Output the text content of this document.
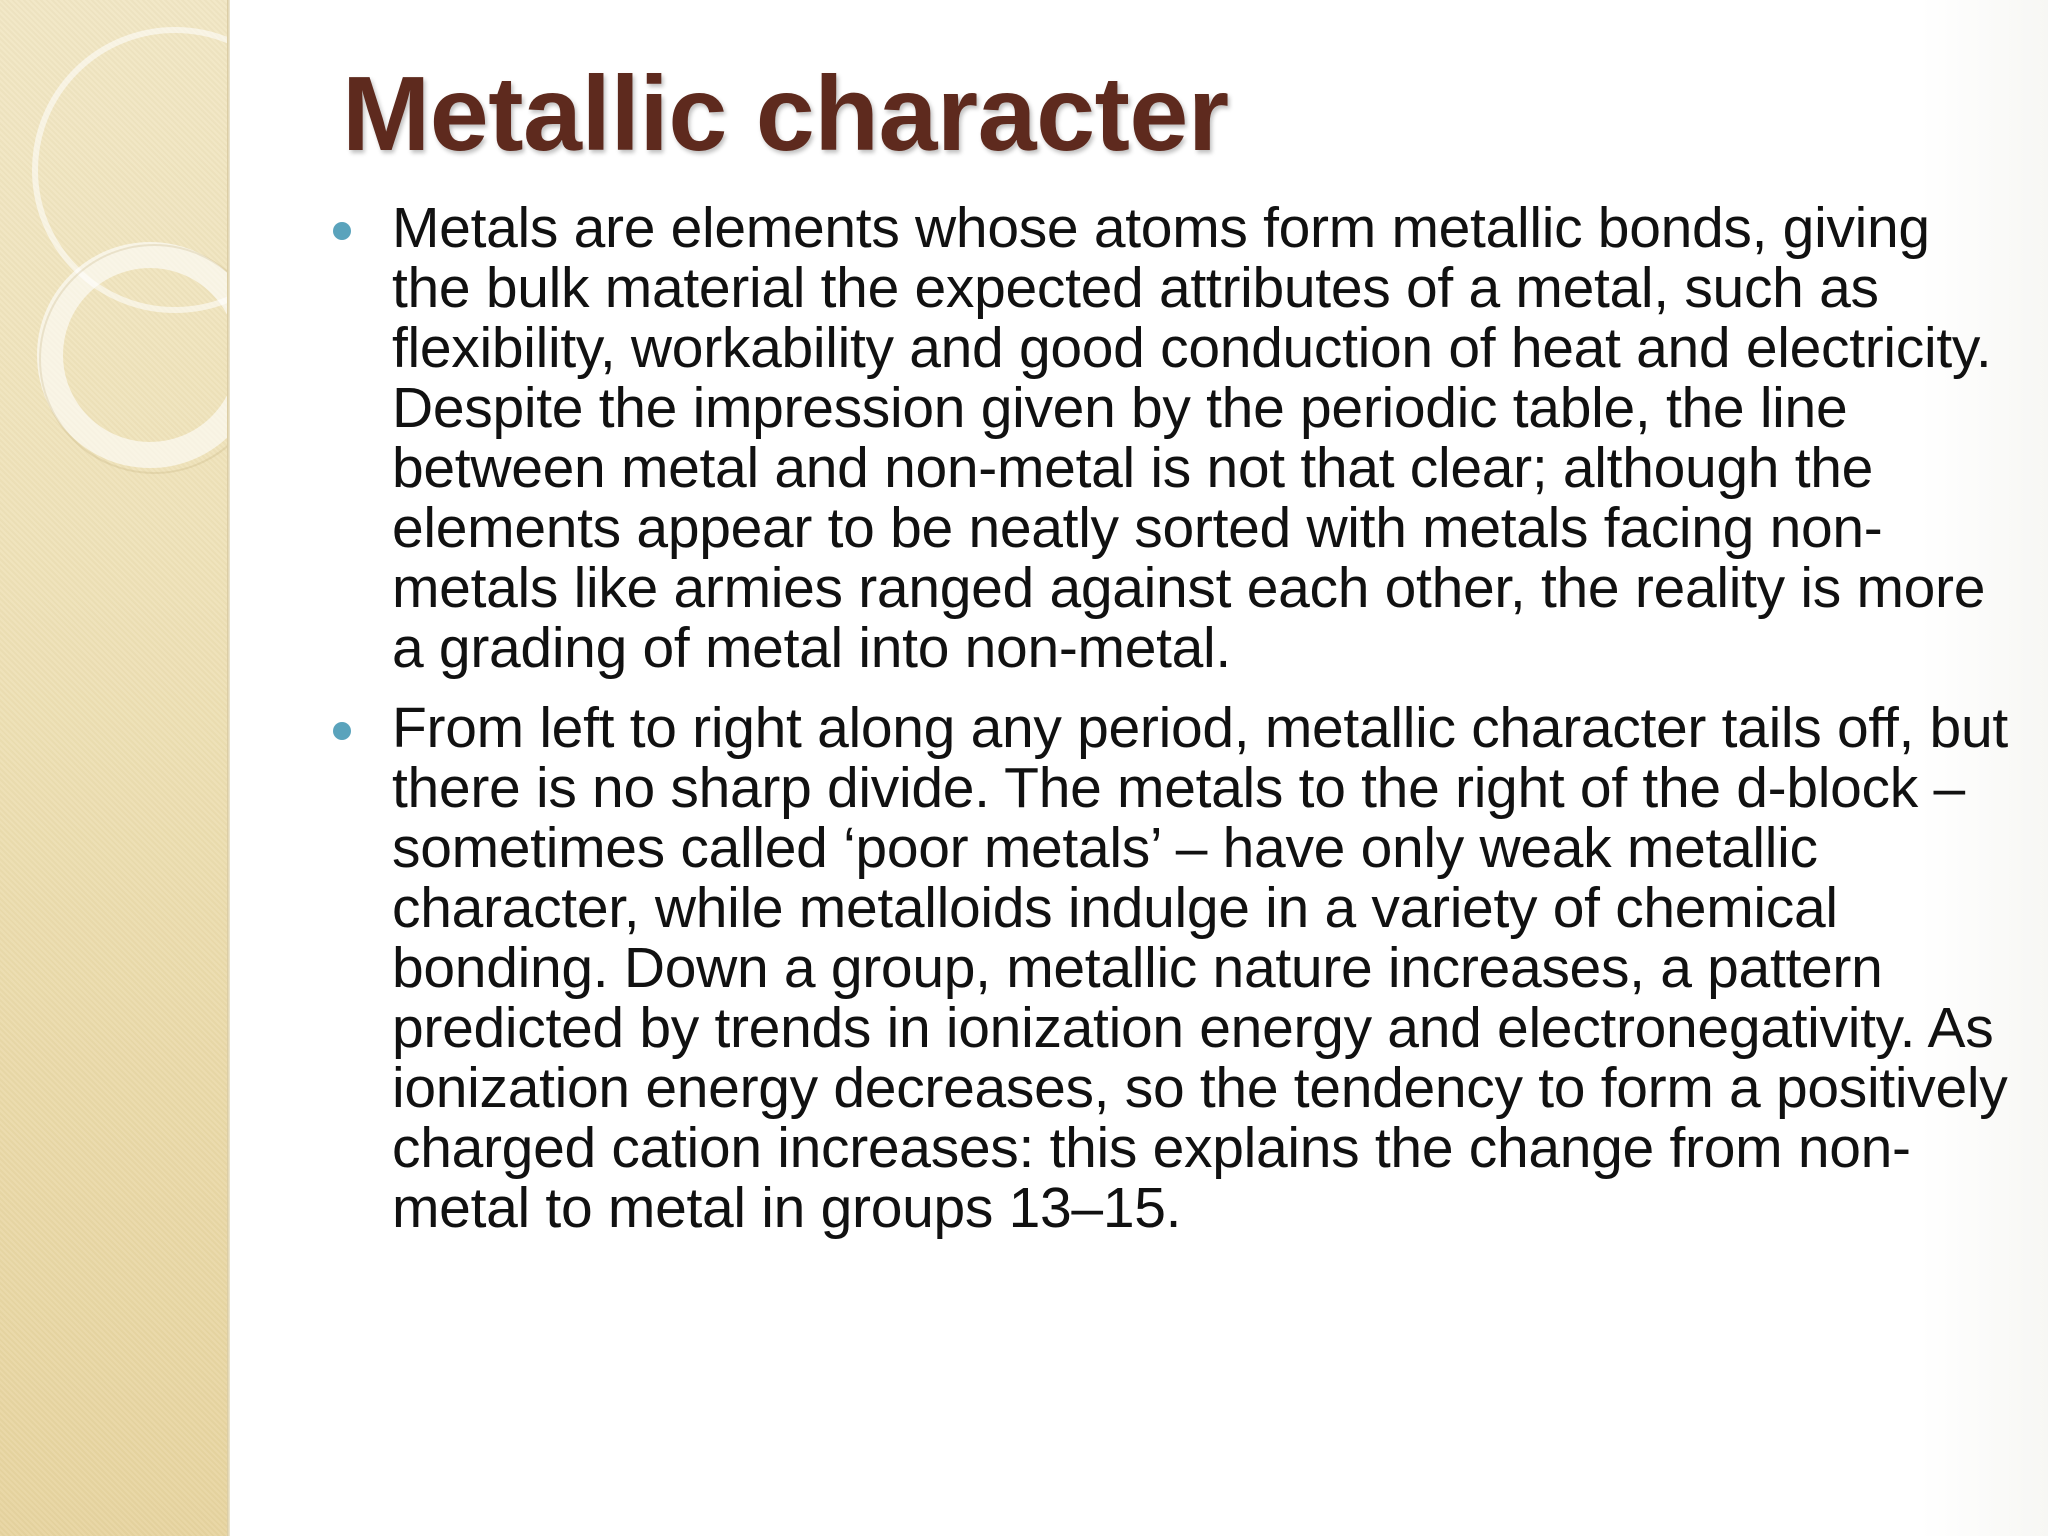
Metallic character

Metals are elements whose atoms form metallic bonds, giving the bulk material the expected attributes of a metal, such as flexibility, workability and good conduction of heat and electricity. Despite the impression given by the periodic table, the line between metal and non-metal is not that clear; although the elements appear to be neatly sorted with metals facing non-metals like armies ranged against each other, the reality is more a grading of metal into non-metal.

From left to right along any period, metallic character tails off, but there is no sharp divide. The metals to the right of the d-block – sometimes called ‘poor metals’ – have only weak metallic character, while metalloids indulge in a variety of chemical bonding. Down a group, metallic nature increases, a pattern predicted by trends in ionization energy and electronegativity. As ionization energy decreases, so the tendency to form a positively charged cation increases: this explains the change from non-metal to metal in groups 13–15.
